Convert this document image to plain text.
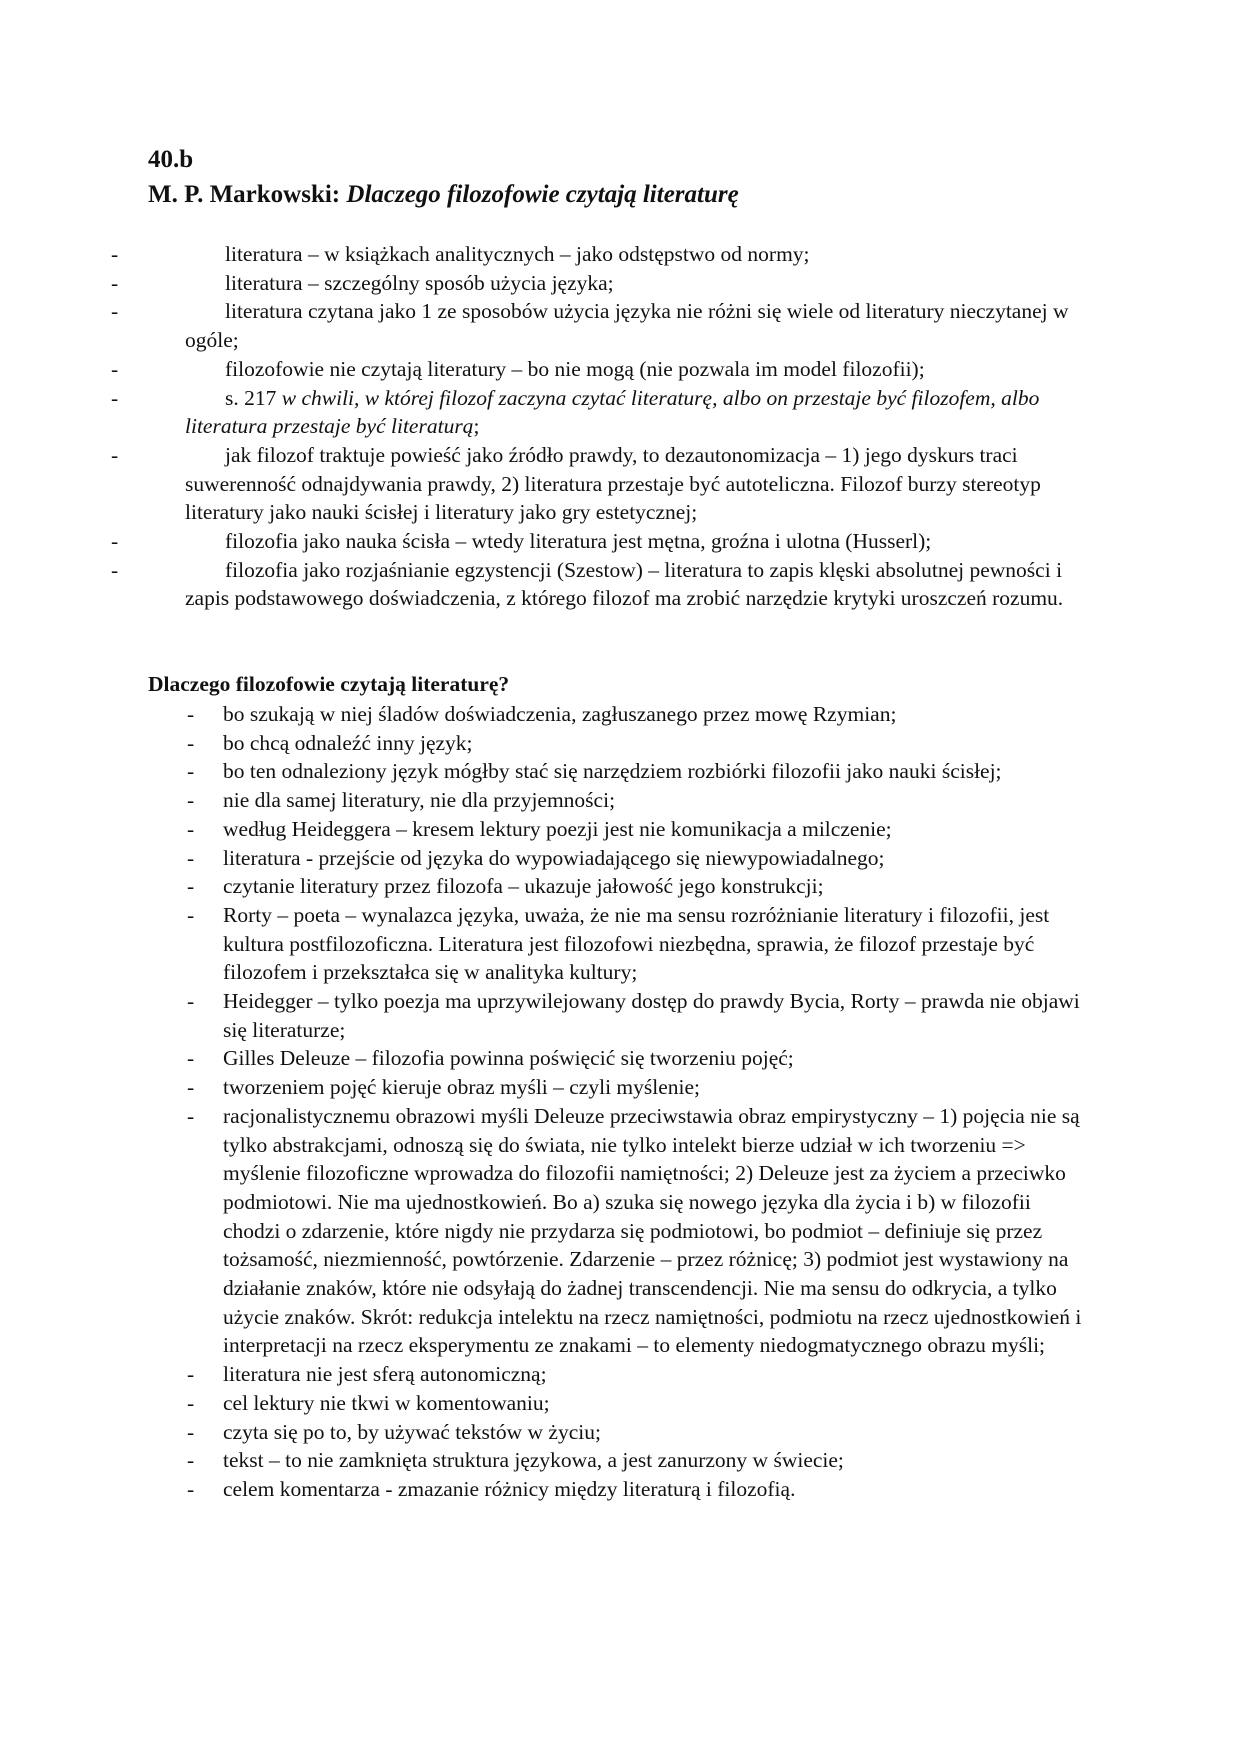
40.b

M. P. Markowski: Dlaczego filozofowie czytają literaturę

-	literatura – w książkach analitycznych – jako odstępstwo od normy;
-	literatura – szczególny sposób użycia języka;
-	literatura czytana jako 1 ze sposobów użycia języka nie różni się wiele od literatury nieczytanej w ogóle;
-	filozofowie nie czytają literatury – bo nie mogą (nie pozwala im model filozofii);
-	s. 217 w chwili, w której filozof zaczyna czytać literaturę, albo on przestaje być filozofem, albo literatura przestaje być literaturą;
-	jak filozof traktuje powieść jako źródło prawdy, to dezautonomizacja – 1) jego dyskurs traci suwerenność odnajdywania prawdy, 2) literatura przestaje być autoteliczna. Filozof burzy stereotyp literatury jako nauki ścisłej i literatury jako gry estetycznej;
-	filozofia jako nauka ścisła – wtedy literatura jest mętna, groźna i ulotna (Husserl);
-	filozofia jako rozjaśnianie egzystencji (Szestow) – literatura to zapis klęski absolutnej pewności i zapis podstawowego doświadczenia, z którego filozof ma zrobić narzędzie krytyki uroszczeń rozumu.

Dlaczego filozofowie czytają literaturę?

- bo szukają w niej śladów doświadczenia, zagłuszanego przez mowę Rzymian;
- bo chcą odnaleźć inny język;
- bo ten odnaleziony język mógłby stać się narzędziem rozbiórki filozofii jako nauki ścisłej;
- nie dla samej literatury, nie dla przyjemności;
- według Heideggera – kresem lektury poezji jest nie komunikacja a milczenie;
- literatura - przejście od języka do wypowiadającego się niewypowiadalnego;
- czytanie literatury przez filozofa – ukazuje jałowość jego konstrukcji;
- Rorty – poeta – wynalazca języka, uważa, że nie ma sensu rozróżnianie literatury i filozofii, jest kultura postfilozoficzna. Literatura jest filozofowi niezbędna, sprawia, że filozof przestaje być filozofem i przekształca się w analityka kultury;
- Heidegger – tylko poezja ma uprzywilejowany dostęp do prawdy Bycia, Rorty – prawda nie objawi się literaturze;
- Gilles Deleuze – filozofia powinna poświęcić się tworzeniu pojęć;
- tworzeniem pojęć kieruje obraz myśli – czyli myślenie;
- racjonalistycznemu obrazowi myśli Deleuze przeciwstawia obraz empirystyczny – 1) pojęcia nie są tylko abstrakcjami, odnoszą się do świata, nie tylko intelekt bierze udział w ich tworzeniu => myślenie filozoficzne wprowadza do filozofii namiętności; 2) Deleuze jest za życiem a przeciwko podmiotowi. Nie ma ujednostkowień. Bo a) szuka się nowego języka dla życia i b) w filozofii chodzi o zdarzenie, które nigdy nie przydarza się podmiotowi, bo podmiot – definiuje się przez tożsamość, niezmienność, powtórzenie. Zdarzenie – przez różnicę; 3) podmiot jest wystawiony na działanie znaków, które nie odsyłają do żadnej transcendencji. Nie ma sensu do odkrycia, a tylko użycie znaków. Skrót: redukcja intelektu na rzecz namiętności, podmiotu na rzecz ujednostkowień i interpretacji na rzecz eksperymentu ze znakami – to elementy niedogmatycznego obrazu myśli;
- literatura nie jest sferą autonomiczną;
- cel lektury nie tkwi w komentowaniu;
- czyta się po to, by używać tekstów w życiu;
- tekst – to nie zamknięta struktura językowa, a jest zanurzony w świecie;
- celem komentarza - zmazanie różnicy między literaturą i filozofią.
